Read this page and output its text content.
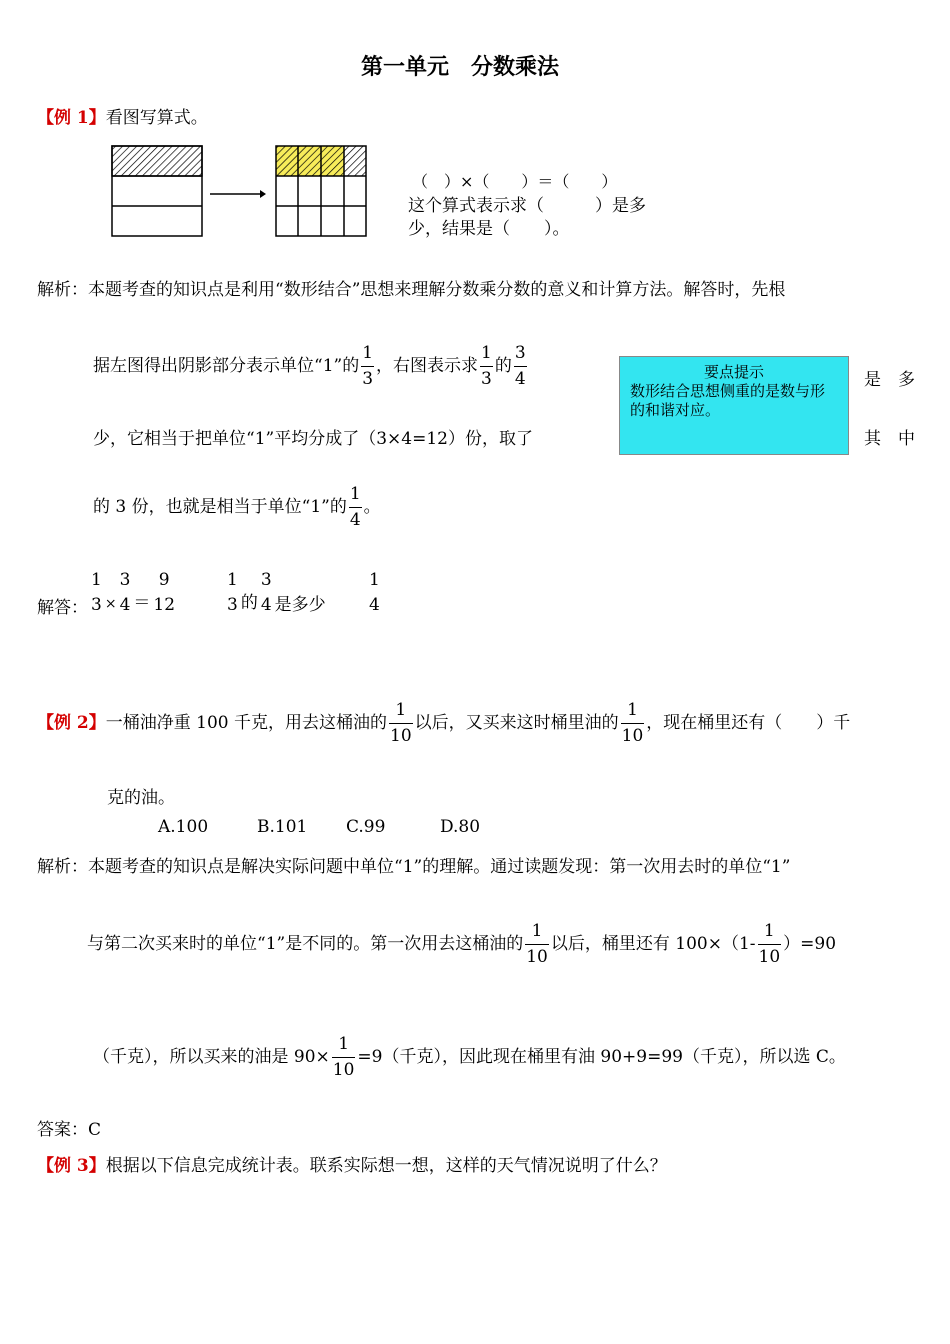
第一单元　分数乘法
【例 1】看图写算式。
（　）×（　　）＝（　　）
这个算式表示求（　　　）是多
少，结果是（　　）。
解析：本题考查的知识点是利用“数形结合”思想来理解分数乘分数的意义和计算方法。解答时，先根
据左图得出阴影部分表示单位“1”的 $\frac{1}{3}$ ，右图表示求 $\frac{1}{3}$ 的 $\frac{3}{4}$	是　多
少，它相当于把单位“1”平均分成了（3×4=12）份，取了	其　中
的 3 份，也就是相当于单位“1”的 $\frac{1}{4}$ 。
要点提示
数形结合思想侧重的是数与形的和谐对应。
解答：
1
3 $_\times$
3
4 ＝
9
12
1
3 的
3
4 是多少
1
4
【例 2】一桶油净重 100 千克，用去这桶油的 $\frac{1}{10}$ 以后，又买来这时桶里油的 $\frac{1}{10}$ ，现在桶里还有（　　）千
克的油。
A.100	B.101 C.99	D.80
解析：本题考查的知识点是解决实际问题中单位“1”的理解。通过读题发现：第一次用去时的单位“1”
与第二次买来时的单位“1”是不同的。第一次用去这桶油的 $\frac{1}{10}$ 以后，桶里还有 $100\times(1- \frac{1}{10} )=90$
（千克），所以买来的油是 $90\times \frac{1}{10} =9$（千克），因此现在桶里有油 90+9=99（千克），所以选 C。
答案：C
【例 3】根据以下信息完成统计表。联系实际想一想，这样的天气情况说明了什么？
